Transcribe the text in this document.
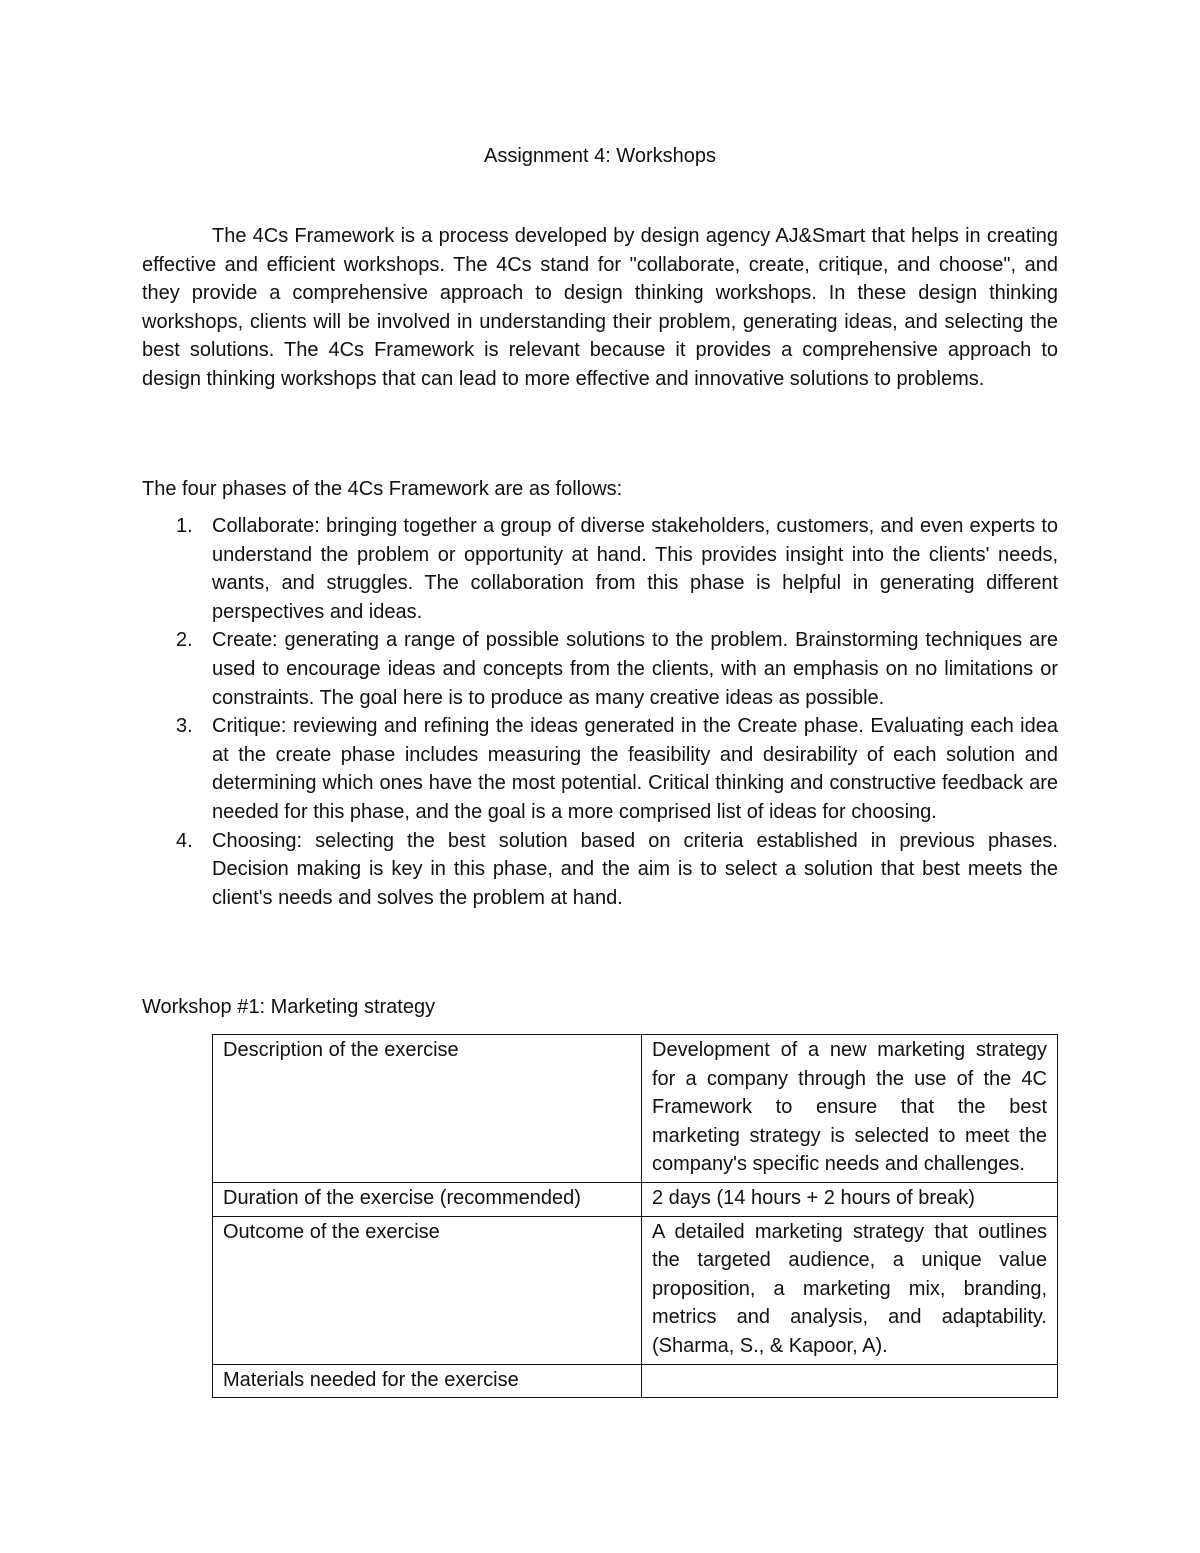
Assignment 4: Workshops

The 4Cs Framework is a process developed by design agency AJ&Smart that helps in creating effective and efficient workshops. The 4Cs stand for "collaborate, create, critique, and choose", and they provide a comprehensive approach to design thinking workshops. In these design thinking workshops, clients will be involved in understanding their problem, generating ideas, and selecting the best solutions. The 4Cs Framework is relevant because it provides a comprehensive approach to design thinking workshops that can lead to more effective and innovative solutions to problems.

The four phases of the 4Cs Framework are as follows:

1. Collaborate: bringing together a group of diverse stakeholders, customers, and even experts to understand the problem or opportunity at hand. This provides insight into the clients' needs, wants, and struggles. The collaboration from this phase is helpful in generating different perspectives and ideas.
2. Create: generating a range of possible solutions to the problem. Brainstorming techniques are used to encourage ideas and concepts from the clients, with an emphasis on no limitations or constraints. The goal here is to produce as many creative ideas as possible.
3. Critique: reviewing and refining the ideas generated in the Create phase. Evaluating each idea at the create phase includes measuring the feasibility and desirability of each solution and determining which ones have the most potential. Critical thinking and constructive feedback are needed for this phase, and the goal is a more comprised list of ideas for choosing.
4. Choosing: selecting the best solution based on criteria established in previous phases. Decision making is key in this phase, and the aim is to select a solution that best meets the client's needs and solves the problem at hand.

Workshop #1: Marketing strategy

Description of the exercise	Development of a new marketing strategy for a company through the use of the 4C Framework to ensure that the best marketing strategy is selected to meet the company's specific needs and challenges.
Duration of the exercise (recommended)	2 days (14 hours + 2 hours of break)
Outcome of the exercise	A detailed marketing strategy that outlines the targeted audience, a unique value proposition, a marketing mix, branding, metrics and analysis, and adaptability. (Sharma, S., & Kapoor, A).
Materials needed for the exercise	
